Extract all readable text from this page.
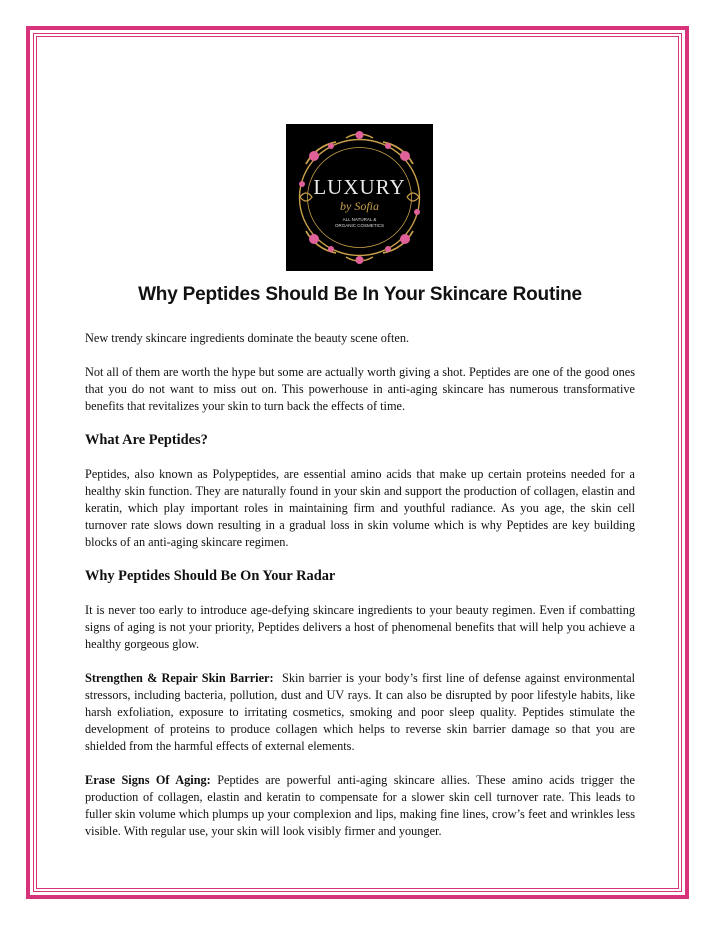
LUXURY
by Sofia
ALL NATURAL &
ORGANIC COSMETICS
Why Peptides Should Be In Your Skincare Routine

New trendy skincare ingredients dominate the beauty scene often.

Not all of them are worth the hype but some are actually worth giving a shot. Peptides are one of the good ones that you do not want to miss out on. This powerhouse in anti-aging skincare has numerous transformative benefits that revitalizes your skin to turn back the effects of time.

What Are Peptides?

Peptides, also known as Polypeptides, are essential amino acids that make up certain proteins needed for a healthy skin function. They are naturally found in your skin and support the production of collagen, elastin and keratin, which play important roles in maintaining firm and youthful radiance. As you age, the skin cell turnover rate slows down resulting in a gradual loss in skin volume which is why Peptides are key building blocks of an anti-aging skincare regimen.

Why Peptides Should Be On Your Radar

It is never too early to introduce age-defying skincare ingredients to your beauty regimen. Even if combatting signs of aging is not your priority, Peptides delivers a host of phenomenal benefits that will help you achieve a healthy gorgeous glow.

Strengthen & Repair Skin Barrier: Skin barrier is your body’s first line of defense against environmental stressors, including bacteria, pollution, dust and UV rays. It can also be disrupted by poor lifestyle habits, like harsh exfoliation, exposure to irritating cosmetics, smoking and poor sleep quality. Peptides stimulate the development of proteins to produce collagen which helps to reverse skin barrier damage so that you are shielded from the harmful effects of external elements.

Erase Signs Of Aging: Peptides are powerful anti-aging skincare allies. These amino acids trigger the production of collagen, elastin and keratin to compensate for a slower skin cell turnover rate. This leads to fuller skin volume which plumps up your complexion and lips, making fine lines, crow’s feet and wrinkles less visible. With regular use, your skin will look visibly firmer and younger.
